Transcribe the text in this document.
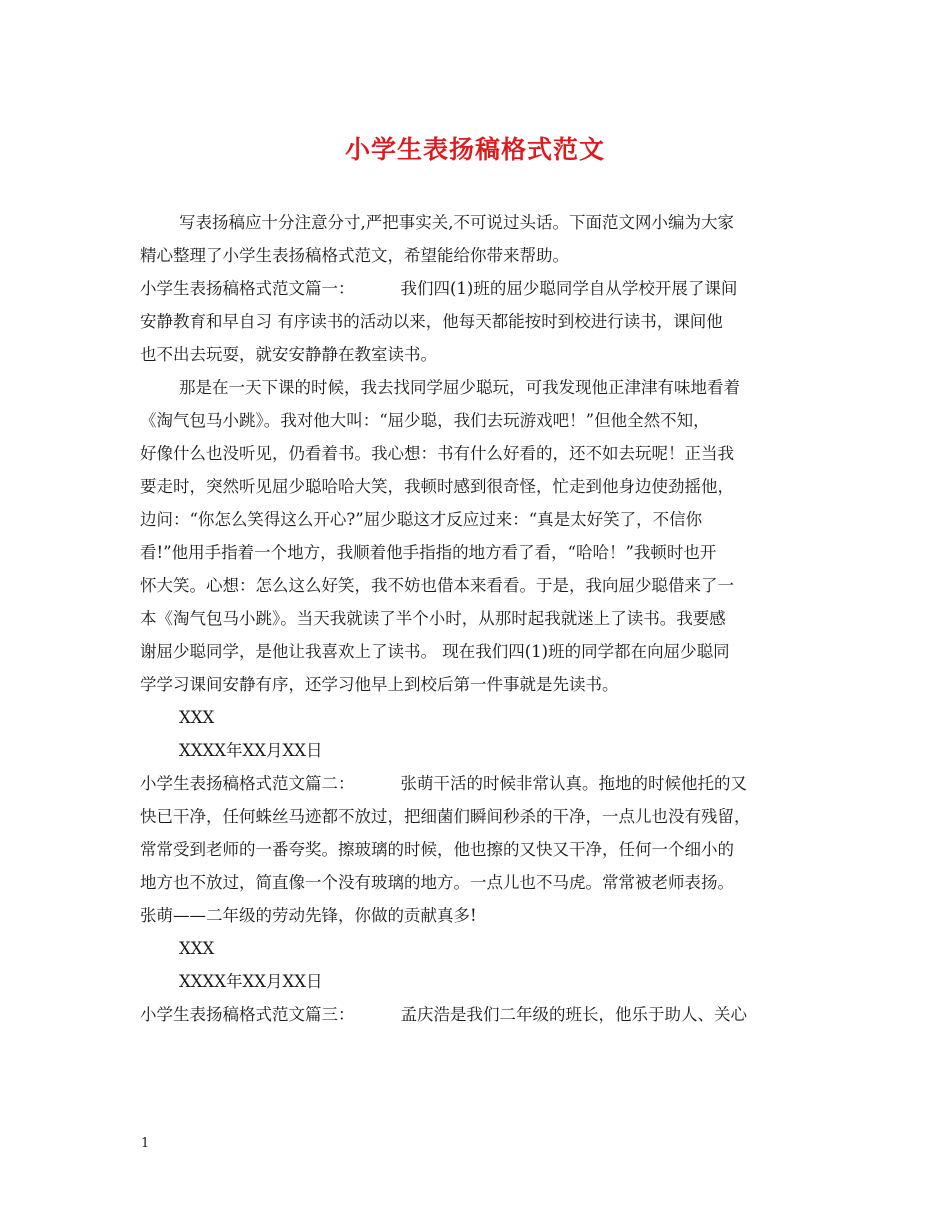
小学生表扬稿格式范文

写表扬稿应十分注意分寸,严把事实关,不可说过头话。下面范文网小编为大家

精心整理了小学生表扬稿格式范文，希望能给你带来帮助。

小学生表扬稿格式范文篇一：	我们四(1)班的屈少聪同学自从学校开展了课间

安静教育和早自习 有序读书的活动以来，他每天都能按时到校进行读书，课间他

也不出去玩耍，就安安静静在教室读书。

那是在一天下课的时候，我去找同学屈少聪玩，可我发现他正津津有味地看着

《淘气包马小跳》。我对他大叫：“屈少聪，我们去玩游戏吧！”但他全然不知，

好像什么也没听见，仍看着书。我心想：书有什么好看的，还不如去玩呢！正当我

要走时，突然听见屈少聪哈哈大笑，我顿时感到很奇怪，忙走到他身边使劲摇他，

边问：“你怎么笑得这么开心?”屈少聪这才反应过来：“真是太好笑了，不信你

看!”他用手指着一个地方，我顺着他手指指的地方看了看，“哈哈！”我顿时也开

怀大笑。心想：怎么这么好笑，我不妨也借本来看看。于是，我向屈少聪借来了一

本《淘气包马小跳》。当天我就读了半个小时，从那时起我就迷上了读书。我要感

谢屈少聪同学，是他让我喜欢上了读书。 现在我们四(1)班的同学都在向屈少聪同

学学习课间安静有序，还学习他早上到校后第一件事就是先读书。

XXX

XXXX年XX月XX日

小学生表扬稿格式范文篇二：	张萌干活的时候非常认真。拖地的时候他托的又

快已干净，任何蛛丝马迹都不放过，把细菌们瞬间秒杀的干净，一点儿也没有残留，

常常受到老师的一番夸奖。擦玻璃的时候，他也擦的又快又干净，任何一个细小的

地方也不放过，简直像一个没有玻璃的地方。一点儿也不马虎。常常被老师表扬。

张萌——二年级的劳动先锋，你做的贡献真多!

XXX

XXXX年XX月XX日

小学生表扬稿格式范文篇三：	孟庆浩是我们二年级的班长，他乐于助人、关心

1
